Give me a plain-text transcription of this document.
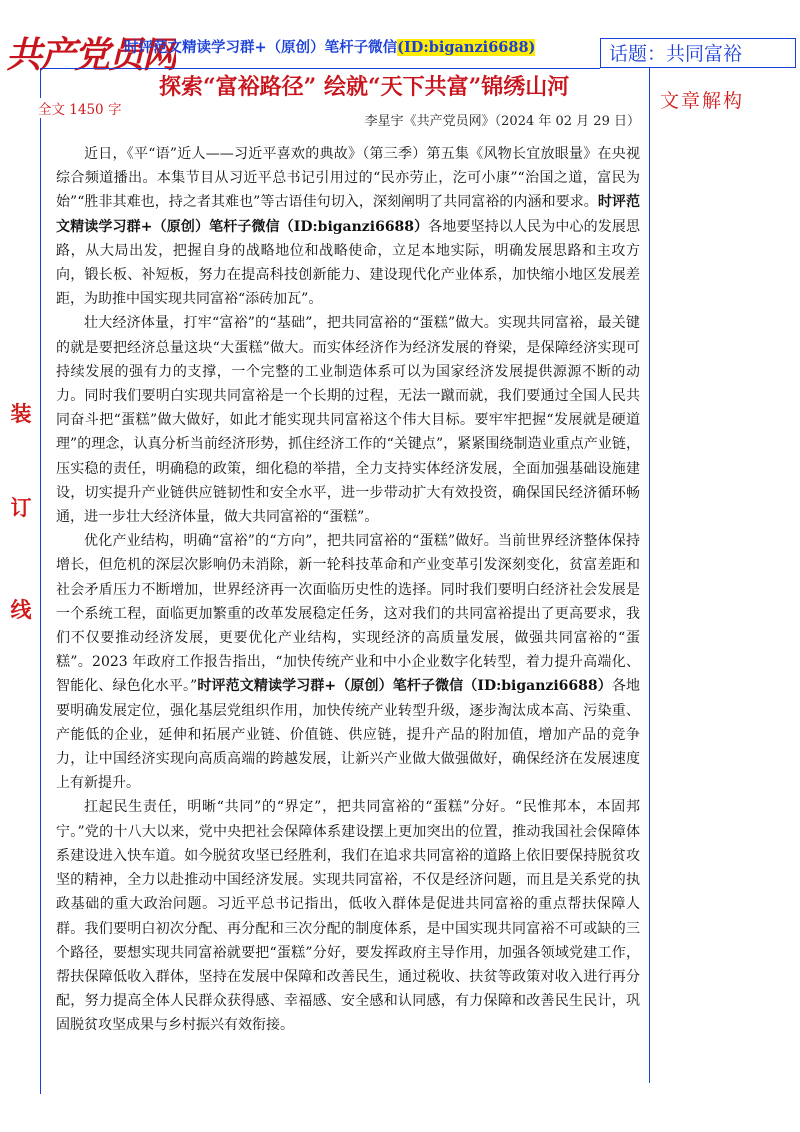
共产党员网
时评范文精读学习群+（原创）笔杆子微信(ID:biganzi6688)	话题：共同富裕
全文 1450 字
探索“富裕路径” 绘就“天下共富”锦绣山河
文章解构
李星宇《共产党员网》（2024 年 02 月 29 日）
装
订
线

近日，《平“语”近人——习近平喜欢的典故》（第三季）第五集《风物长宜放眼量》在央视综合频道播出。本集节目从习近平总书记引用过的“民亦劳止，汔可小康”“治国之道，富民为始”“胜非其难也，持之者其难也”等古语佳句切入，深刻阐明了共同富裕的内涵和要求。时评范文精读学习群+（原创）笔杆子微信（ID:biganzi6688）各地要坚持以人民为中心的发展思路，从大局出发，把握自身的战略地位和战略使命，立足本地实际，明确发展思路和主攻方向，锻长板、补短板，努力在提高科技创新能力、建设现代化产业体系，加快缩小地区发展差距，为助推中国实现共同富裕“添砖加瓦”。

壮大经济体量，打牢“富裕”的“基础”，把共同富裕的“蛋糕”做大。实现共同富裕，最关键的就是要把经济总量这块“大蛋糕”做大。而实体经济作为经济发展的脊梁，是保障经济实现可持续发展的强有力的支撑，一个完整的工业制造体系可以为国家经济发展提供源源不断的动力。同时我们要明白实现共同富裕是一个长期的过程，无法一蹴而就，我们要通过全国人民共同奋斗把“蛋糕”做大做好，如此才能实现共同富裕这个伟大目标。要牢牢把握“发展就是硬道理”的理念，认真分析当前经济形势，抓住经济工作的“关键点”，紧紧围绕制造业重点产业链，压实稳的责任，明确稳的政策，细化稳的举措，全力支持实体经济发展，全面加强基础设施建设，切实提升产业链供应链韧性和安全水平，进一步带动扩大有效投资，确保国民经济循环畅通，进一步壮大经济体量，做大共同富裕的“蛋糕”。

优化产业结构，明确“富裕”的“方向”，把共同富裕的“蛋糕”做好。当前世界经济整体保持增长，但危机的深层次影响仍未消除，新一轮科技革命和产业变革引发深刻变化，贫富差距和社会矛盾压力不断增加，世界经济再一次面临历史性的选择。同时我们要明白经济社会发展是一个系统工程，面临更加繁重的改革发展稳定任务，这对我们的共同富裕提出了更高要求，我们不仅要推动经济发展，更要优化产业结构，实现经济的高质量发展，做强共同富裕的“蛋糕”。2023 年政府工作报告指出，“加快传统产业和中小企业数字化转型，着力提升高端化、智能化、绿色化水平。”时评范文精读学习群+（原创）笔杆子微信（ID:biganzi6688）各地要明确发展定位，强化基层党组织作用，加快传统产业转型升级，逐步淘汰成本高、污染重、产能低的企业，延伸和拓展产业链、价值链、供应链，提升产品的附加值，增加产品的竞争力，让中国经济实现向高质高端的跨越发展，让新兴产业做大做强做好，确保经济在发展速度上有新提升。

扛起民生责任，明晰“共同”的“界定”，把共同富裕的“蛋糕”分好。“民惟邦本，本固邦宁。”党的十八大以来，党中央把社会保障体系建设摆上更加突出的位置，推动我国社会保障体系建设进入快车道。如今脱贫攻坚已经胜利，我们在追求共同富裕的道路上依旧要保持脱贫攻坚的精神，全力以赴推动中国经济发展。实现共同富裕，不仅是经济问题，而且是关系党的执政基础的重大政治问题。习近平总书记指出，低收入群体是促进共同富裕的重点帮扶保障人群。我们要明白初次分配、再分配和三次分配的制度体系，是中国实现共同富裕不可或缺的三个路径，要想实现共同富裕就要把“蛋糕”分好，要发挥政府主导作用，加强各领域党建工作，帮扶保障低收入群体，坚持在发展中保障和改善民生，通过税收、扶贫等政策对收入进行再分配，努力提高全体人民群众获得感、幸福感、安全感和认同感，有力保障和改善民生民计，巩固脱贫攻坚成果与乡村振兴有效衔接。
